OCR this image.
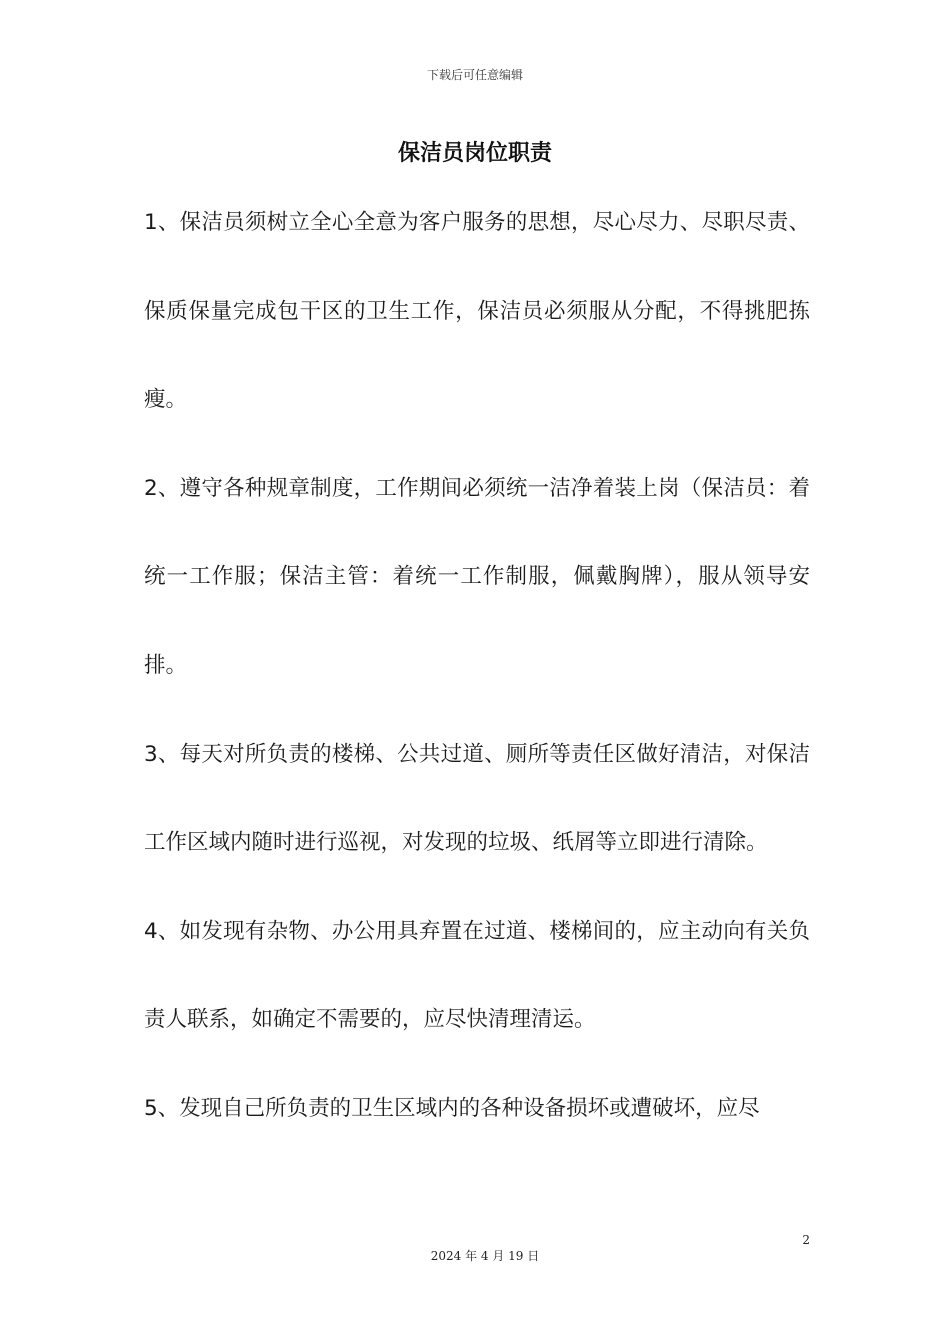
下载后可任意编辑
保洁员岗位职责

1、保洁员须树立全心全意为客户服务的思想，尽心尽力、尽职尽责、保质保量完成包干区的卫生工作，保洁员必须服从分配，不得挑肥拣瘦。

2、遵守各种规章制度，工作期间必须统一洁净着装上岗（保洁员：着统一工作服；保洁主管：着统一工作制服，佩戴胸牌），服从领导安排。

3、每天对所负责的楼梯、公共过道、厕所等责任区做好清洁，对保洁工作区域内随时进行巡视，对发现的垃圾、纸屑等立即进行清除。

4、如发现有杂物、办公用具弃置在过道、楼梯间的，应主动向有关负责人联系，如确定不需要的，应尽快清理清运。

5、发现自己所负责的卫生区域内的各种设备损坏或遭破坏，应尽

2
2024 年 4 月 19 日
